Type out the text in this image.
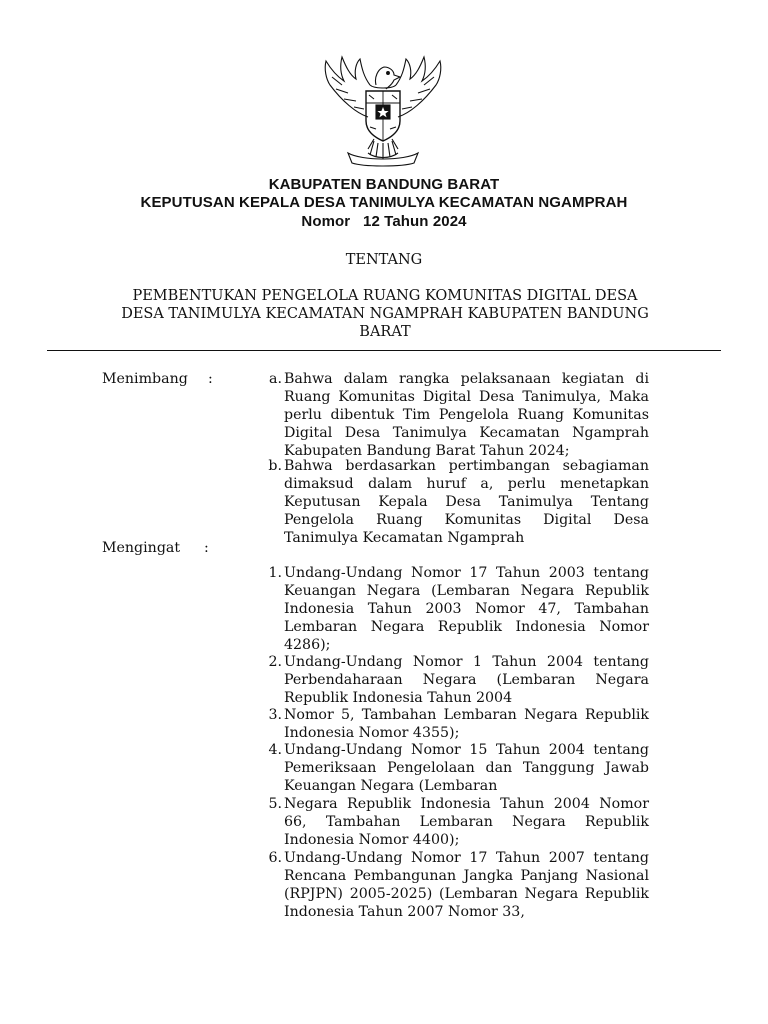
KABUPATEN BANDUNG BARAT
KEPUTUSAN KEPALA DESA TANIMULYA KECAMATAN NGAMPRAH
Nomor   12 Tahun 2024
TENTANG
PEMBENTUKAN PENGELOLA RUANG KOMUNITAS DIGITAL DESA
DESA TANIMULYA KECAMATAN NGAMPRAH KABUPATEN BANDUNG
BARAT
Menimbang :	a. Bahwa dalam rangka pelaksanaan kegiatan di Ruang Komunitas Digital Desa Tanimulya, Maka perlu dibentuk Tim Pengelola Ruang Komunitas Digital Desa Tanimulya Kecamatan Ngamprah Kabupaten Bandung Barat Tahun 2024;
b. Bahwa berdasarkan pertimbangan sebagiaman dimaksud dalam huruf a, perlu menetapkan Keputusan Kepala Desa Tanimulya Tentang Pengelola Ruang Komunitas Digital Desa Tanimulya Kecamatan Ngamprah
Mengingat :
1. Undang-Undang Nomor 17 Tahun 2003 tentang Keuangan Negara (Lembaran Negara Republik Indonesia Tahun 2003 Nomor 47, Tambahan Lembaran Negara Republik Indonesia Nomor 4286);
2. Undang-Undang Nomor 1 Tahun 2004 tentang Perbendaharaan Negara (Lembaran Negara Republik Indonesia Tahun 2004
3. Nomor 5, Tambahan Lembaran Negara Republik Indonesia Nomor 4355);
4. Undang-Undang Nomor 15 Tahun 2004 tentang Pemeriksaan Pengelolaan dan Tanggung Jawab Keuangan Negara (Lembaran
5. Negara Republik Indonesia Tahun 2004 Nomor 66, Tambahan Lembaran Negara Republik Indonesia Nomor 4400);
6. Undang-Undang Nomor 17 Tahun 2007 tentang Rencana Pembangunan Jangka Panjang Nasional (RPJPN) 2005-2025) (Lembaran Negara Republik Indonesia Tahun 2007 Nomor 33,
